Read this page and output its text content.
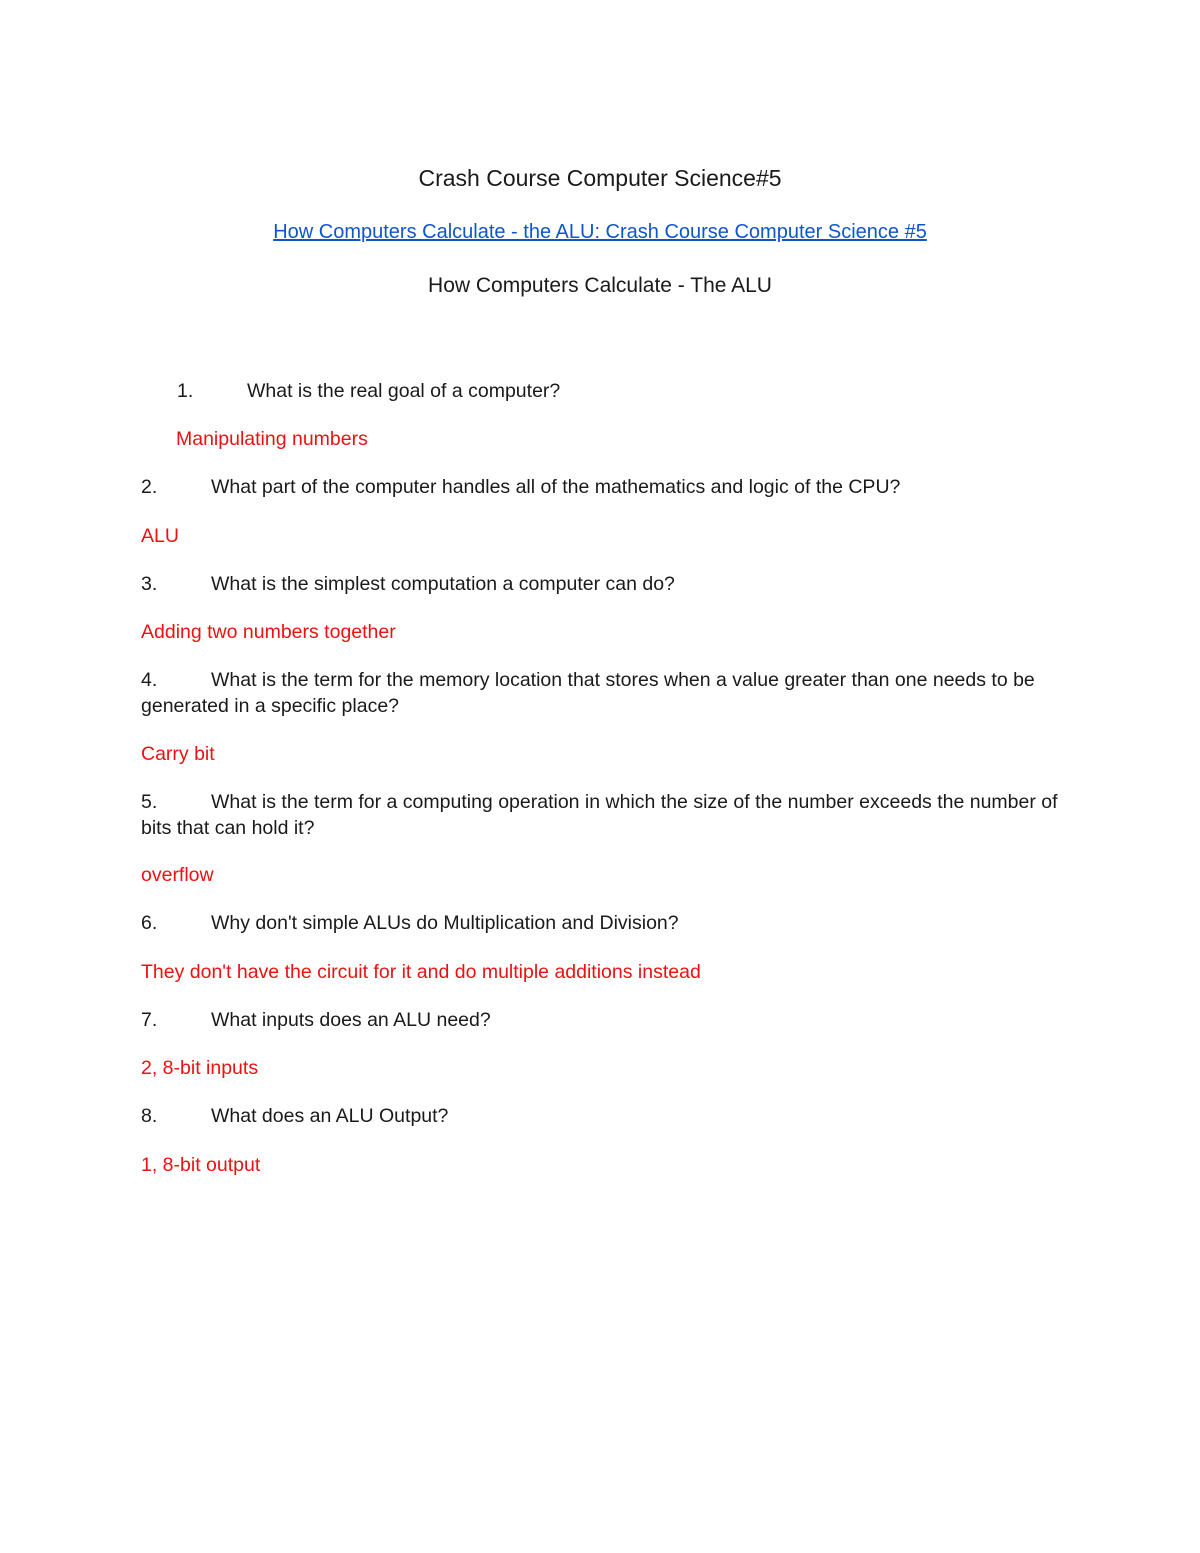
Crash Course Computer Science#5
How Computers Calculate - the ALU: Crash Course Computer Science #5
How Computers Calculate - The ALU
1.	What is the real goal of a computer?
Manipulating numbers
2.	What part of the computer handles all of the mathematics and logic of the CPU?
ALU
3.	What is the simplest computation a computer can do?
Adding two numbers together
4.	What is the term for the memory location that stores when a value greater than one needs to be generated in a specific place?
Carry bit
5.	What is the term for a computing operation in which the size of the number exceeds the number of bits that can hold it?
overflow
6.	Why don't simple ALUs do Multiplication and Division?
They don't have the circuit for it and do multiple additions instead
7.	What inputs does an ALU need?
2, 8-bit inputs
8.	What does an ALU Output?
1, 8-bit output
